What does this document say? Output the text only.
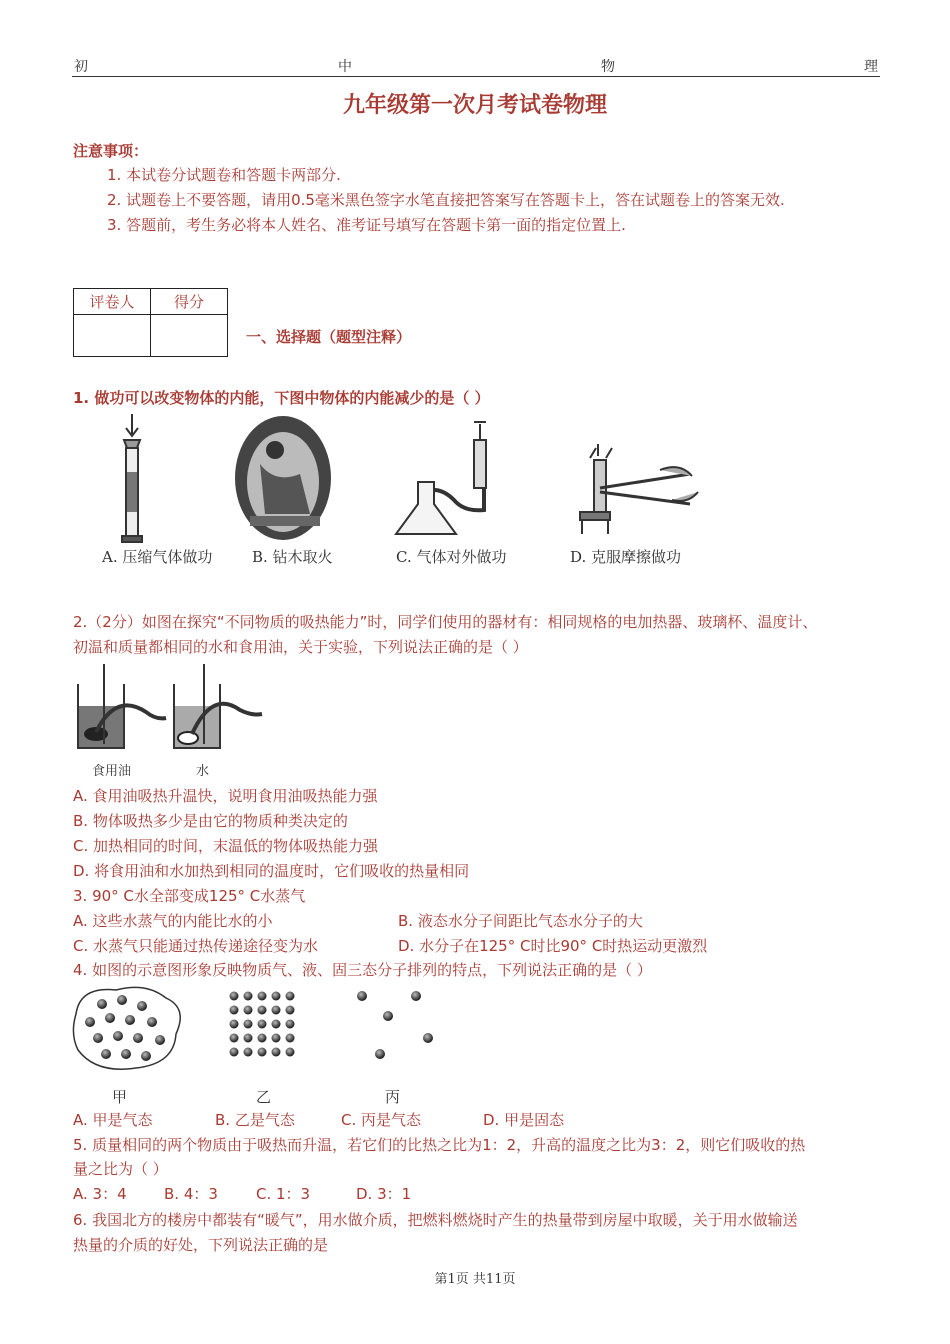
初	中	物	理
九年级第一次月考试卷物理
注意事项：
1. 本试卷分试题卷和答题卡两部分.
2. 试题卷上不要答题，请用0.5毫米黑色签字水笔直接把答案写在答题卡上，答在试题卷上的答案无效.
3. 答题前，考生务必将本人姓名、准考证号填写在答题卡第一面的指定位置上.
评卷人	得分

一、选择题（题型注释）
1. 做功可以改变物体的内能，下图中物体的内能减少的是（ ）
A. 压缩气体做功	B. 钻木取火	C. 气体对外做功	D. 克服摩擦做功
2.（2分）如图在探究“不同物质的吸热能力”时，同学们使用的器材有：相同规格的电加热器、玻璃杯、温度计、
初温和质量都相同的水和食用油，关于实验，下列说法正确的是（ ）
食用油	水
A. 食用油吸热升温快，说明食用油吸热能力强
B. 物体吸热多少是由它的物质种类决定的
C. 加热相同的时间，末温低的物体吸热能力强
D. 将食用油和水加热到相同的温度时，它们吸收的热量相同
3. 90° C水全部变成125° C水蒸气
A. 这些水蒸气的内能比水的小	B. 液态水分子间距比气态水分子的大
C. 水蒸气只能通过热传递途径变为水	D. 水分子在125° C时比90° C时热运动更激烈
4. 如图的示意图形象反映物质气、液、固三态分子排列的特点，下列说法正确的是（ ）
甲	乙	丙
A. 甲是气态	B. 乙是气态	C. 丙是气态	D. 甲是固态
5. 质量相同的两个物质由于吸热而升温，若它们的比热之比为1：2，升高的温度之比为3：2，则它们吸收的热
量之比为（ ）
A. 3：4 B. 4：3	C. 1：3	D. 3：1
6. 我国北方的楼房中都装有“暖气”，用水做介质，把燃料燃烧时产生的热量带到房屋中取暖，关于用水做输送
热量的介质的好处，下列说法正确的是
第1页 共11页
